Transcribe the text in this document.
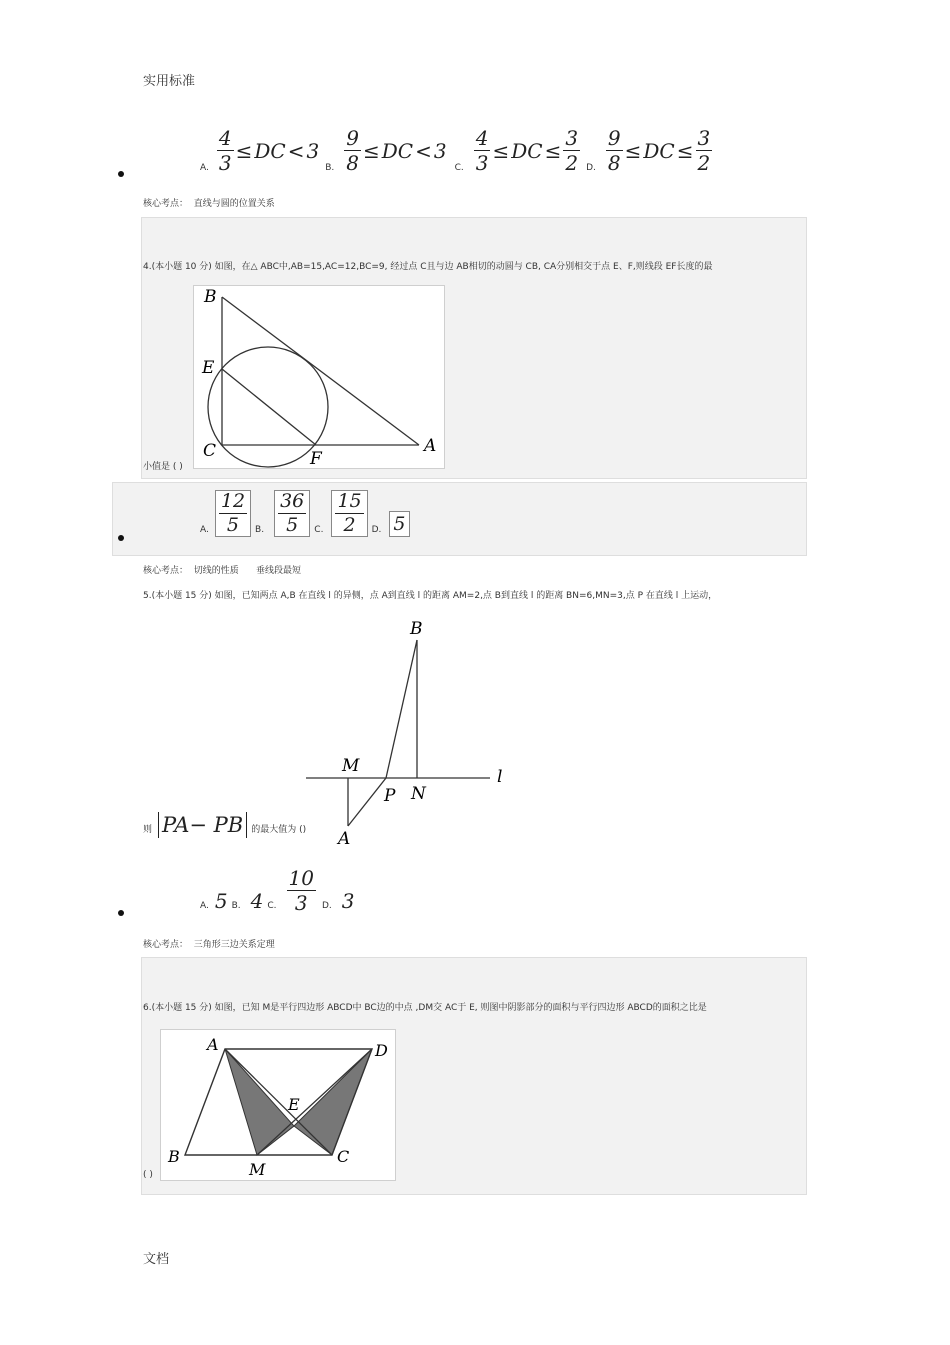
实用标准
A. $\frac{4}{3}$ ≤ DC < 3
B. $\frac{9}{8}$ ≤ DC < 3
C. $\frac{4}{3}$ ≤ DC ≤ $\frac{3}{2} D$. $\frac{9}{8}$ ≤ DC ≤ $\frac{3}{2}$
核心考点： 直线与圆的位置关系
4.(本小题 10 分) 如图，在△ ABC中,AB=15,AC=12,BC=9, 经过点 C且与边 AB相切的动圆与 CB, CA分别相交于点 E、F,则线段 EF长度的最
B
E
C	F
A
小值是 ( )
A. $\frac{12}{5} B$. $\frac{36}{5} C$. $\frac{15}{2} D$. 5
核心考点： 切线的性质 垂线段最短
5.(本小题 15 分) 如图，已知两点 A,B 在直线 l 的异侧，点 A到直线 l 的距离 AM=2,点 B到直线 l 的距离 BN=6,MN=3,点 P 在直线 l 上运动，
B
M
l
P N
A
则 PA− PB 的最大值为 ()
A. 5 B. 4 C. $\frac{10}{3} D$. 3
核心考点： 三角形三边关系定理
6.(本小题 15 分) 如图，已知 M是平行四边形 ABCD中 BC边的中点 ,DM交 AC于 E, 则图中阴影部分的面积与平行四边形 ABCD的面积之比是
A	D
E
B
M
C
( )
文档
